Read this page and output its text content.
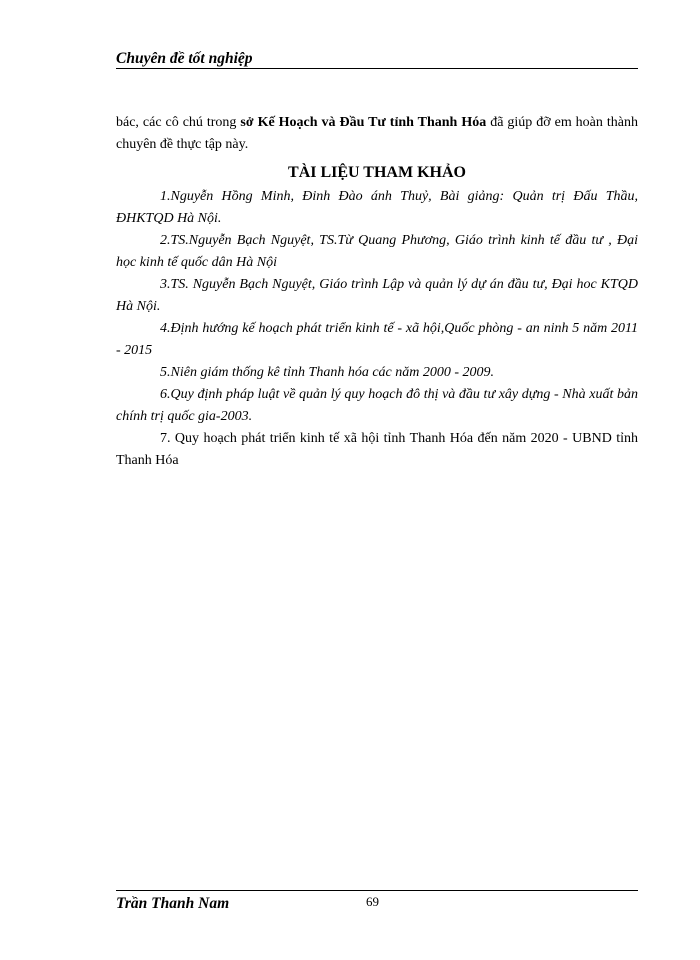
Chuyên đề tốt nghiệp

bác, các cô chú trong sở Kế Hoạch và Đầu Tư tỉnh Thanh Hóa đã giúp đỡ em hoàn thành chuyên đề thực tập này.

TÀI LIỆU THAM KHẢO

1.Nguyễn Hồng Minh, Đinh Đào ánh Thuỷ, Bài giảng: Quản trị Đấu Thầu, ĐHKTQD Hà Nội.

2.TS.Nguyễn Bạch Nguyệt, TS.Từ Quang Phương, Giáo trình kinh tế đầu tư , Đại học kinh tế quốc dân Hà Nội

3.TS. Nguyễn Bạch Nguyệt, Giáo trình Lập và quản lý dự án đầu tư, Đại hoc KTQD Hà Nội.

4.Định hướng kế hoạch phát triển kinh tế - xã hội,Quốc phòng - an ninh 5 năm 2011 - 2015

5.Niên giám thống kê tỉnh Thanh hóa các năm 2000 - 2009.

6.Quy định pháp luật về quản lý quy hoạch đô thị và đầu tư xây dựng - Nhà xuất bản chính trị quốc gia-2003.

7. Quy hoạch phát triển kinh tế xã hội tỉnh Thanh Hóa đến năm 2020 - UBND tỉnh Thanh Hóa

Trần Thanh Nam	69
